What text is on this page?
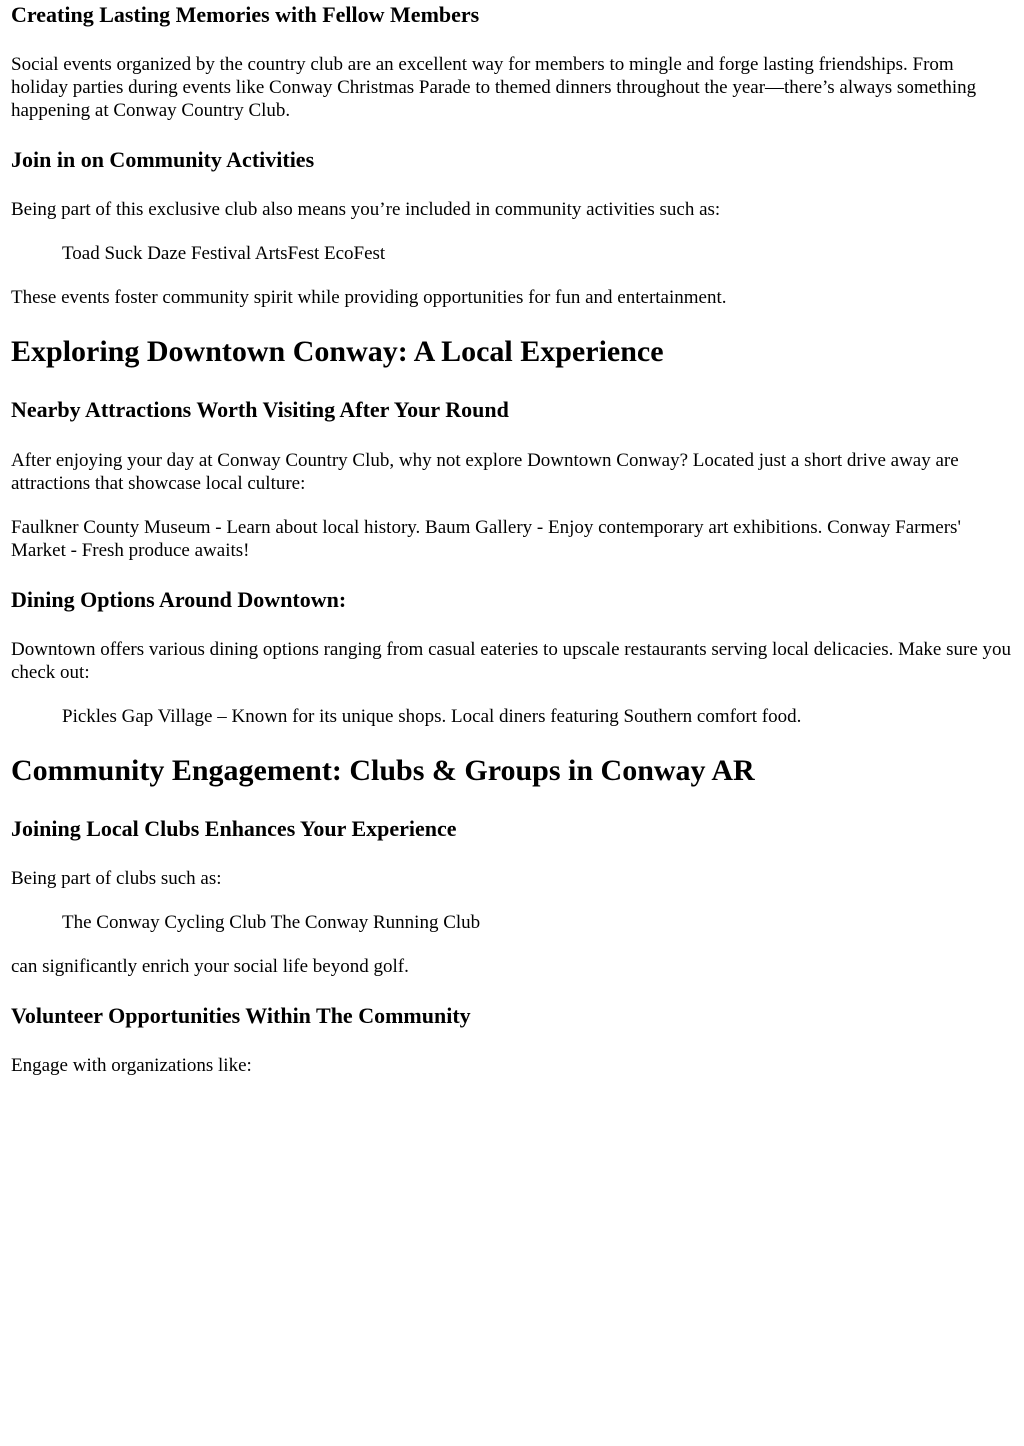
Creating Lasting Memories with Fellow Members

Social events organized by the country club are an excellent way for members to mingle and forge lasting friendships. From holiday parties during events like Conway Christmas Parade to themed dinners throughout the year—there’s always something happening at Conway Country Club.

Join in on Community Activities

Being part of this exclusive club also means you’re included in community activities such as:

Toad Suck Daze Festival ArtsFest EcoFest

These events foster community spirit while providing opportunities for fun and entertainment.

Exploring Downtown Conway: A Local Experience
Nearby Attractions Worth Visiting After Your Round

After enjoying your day at Conway Country Club, why not explore Downtown Conway? Located just a short drive away are attractions that showcase local culture:

Faulkner County Museum - Learn about local history. Baum Gallery - Enjoy contemporary art exhibitions. Conway Farmers' Market - Fresh produce awaits!

Dining Options Around Downtown:

Downtown offers various dining options ranging from casual eateries to upscale restaurants serving local delicacies. Make sure you check out:

Pickles Gap Village – Known for its unique shops. Local diners featuring Southern comfort food.
Community Engagement: Clubs & Groups in Conway AR
Joining Local Clubs Enhances Your Experience

Being part of clubs such as:

The Conway Cycling Club The Conway Running Club

can significantly enrich your social life beyond golf.

Volunteer Opportunities Within The Community

Engage with organizations like:
